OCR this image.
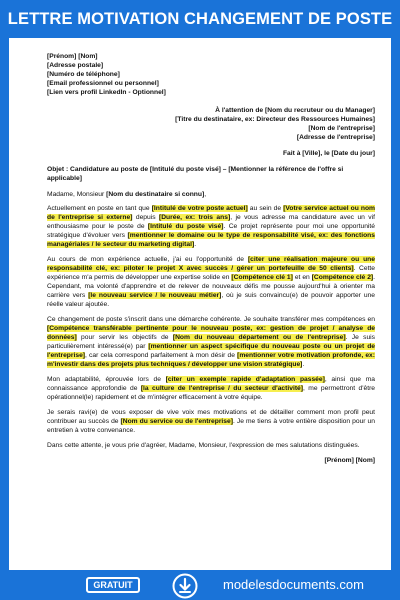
LETTRE MOTIVATION CHANGEMENT DE POSTE
[Prénom] [Nom]
[Adresse postale]
[Numéro de téléphone]
[Email professionnel ou personnel]
[Lien vers profil LinkedIn - Optionnel]
À l'attention de [Nom du recruteur ou du Manager]
[Titre du destinataire, ex: Directeur des Ressources Humaines]
[Nom de l'entreprise]
[Adresse de l'entreprise]
Fait à [Ville], le [Date du jour]
Objet : Candidature au poste de [Intitulé du poste visé] – [Mentionner la référence de l'offre si applicable]
Madame, Monsieur [Nom du destinataire si connu],

Actuellement en poste en tant que [Intitulé de votre poste actuel] au sein de [Votre service actuel ou nom de l'entreprise si externe] depuis [Durée, ex: trois ans], je vous adresse ma candidature avec un vif enthousiasme pour le poste de [Intitulé du poste visé]. Ce projet représente pour moi une opportunité stratégique d'évoluer vers [mentionner le domaine ou le type de responsabilité visé, ex: des fonctions managériales / le secteur du marketing digital].

Au cours de mon expérience actuelle, j'ai eu l'opportunité de [citer une réalisation majeure ou une responsabilité clé, ex: piloter le projet X avec succès / gérer un portefeuille de 50 clients]. Cette expérience m'a permis de développer une expertise solide en [Compétence clé 1] et en [Compétence clé 2]. Cependant, ma volonté d'apprendre et de relever de nouveaux défis me pousse aujourd'hui à orienter ma carrière vers [le nouveau service / le nouveau métier], où je suis convaincu(e) de pouvoir apporter une réelle valeur ajoutée.

Ce changement de poste s'inscrit dans une démarche cohérente. Je souhaite transférer mes compétences en [Compétence transférable pertinente pour le nouveau poste, ex: gestion de projet / analyse de données] pour servir les objectifs de [Nom du nouveau département ou de l'entreprise]. Je suis particulièrement intéressé(e) par [mentionner un aspect spécifique du nouveau poste ou un projet de l'entreprise], car cela correspond parfaitement à mon désir de [mentionner votre motivation profonde, ex: m'investir dans des projets plus techniques / développer une vision stratégique].

Mon adaptabilité, éprouvée lors de [citer un exemple rapide d'adaptation passée], ainsi que ma connaissance approfondie de [la culture de l'entreprise / du secteur d'activité], me permettront d'être opérationnel(le) rapidement et de m'intégrer efficacement à votre équipe.

Je serais ravi(e) de vous exposer de vive voix mes motivations et de détailler comment mon profil peut contribuer au succès de [Nom du service ou de l'entreprise]. Je me tiens à votre entière disposition pour un entretien à votre convenance.

Dans cette attente, je vous prie d'agréer, Madame, Monsieur, l'expression de mes salutations distinguées.

[Prénom] [Nom]
GRATUIT	modelesdocuments.com
